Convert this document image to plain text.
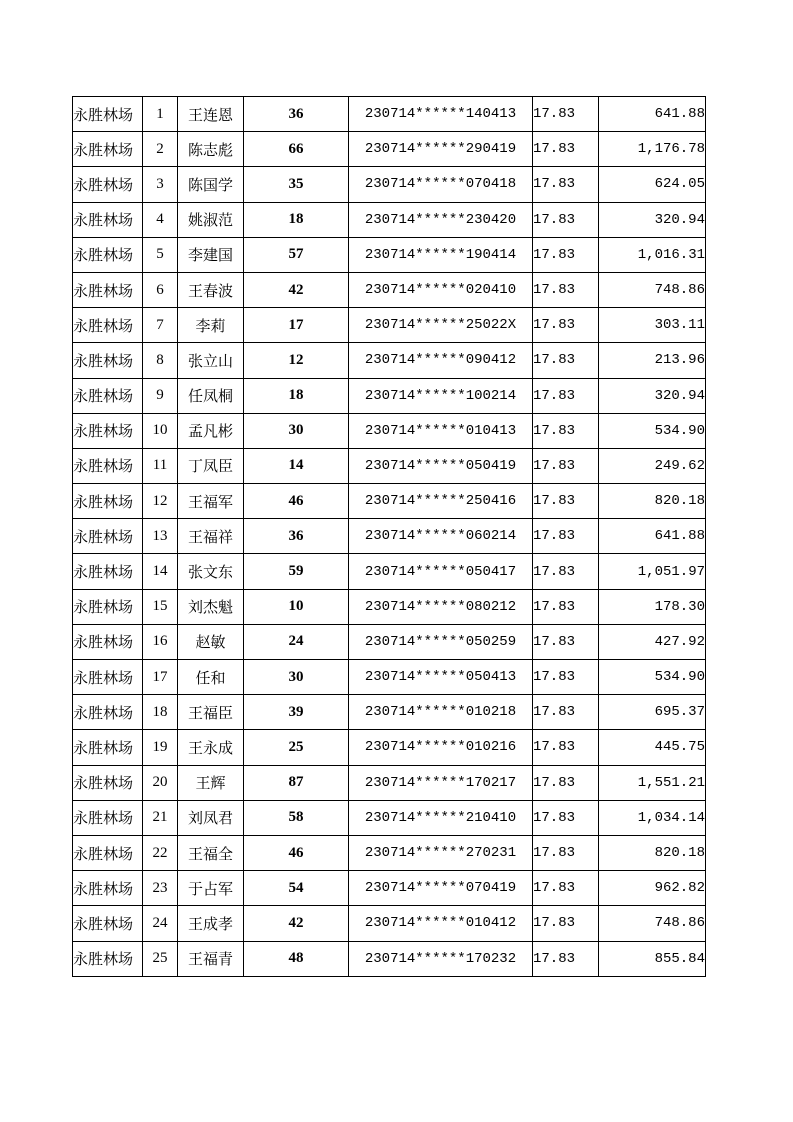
永胜林场	1	王连恩	36	230714******140413	17.83	641.88
永胜林场	2	陈志彪	66	230714******290419	17.83	1,176.78
永胜林场	3	陈国学	35	230714******070418	17.83	624.05
永胜林场	4	姚淑范	18	230714******230420	17.83	320.94
永胜林场	5	李建国	57	230714******190414	17.83	1,016.31
永胜林场	6	王春波	42	230714******020410	17.83	748.86
永胜林场	7	李莉	17	230714******25022X	17.83	303.11
永胜林场	8	张立山	12	230714******090412	17.83	213.96
永胜林场	9	任凤桐	18	230714******100214	17.83	320.94
永胜林场	10	孟凡彬	30	230714******010413	17.83	534.90
永胜林场	11	丁凤臣	14	230714******050419	17.83	249.62
永胜林场	12	王福军	46	230714******250416	17.83	820.18
永胜林场	13	王福祥	36	230714******060214	17.83	641.88
永胜林场	14	张文东	59	230714******050417	17.83	1,051.97
永胜林场	15	刘杰魁	10	230714******080212	17.83	178.30
永胜林场	16	赵敏	24	230714******050259	17.83	427.92
永胜林场	17	任和	30	230714******050413	17.83	534.90
永胜林场	18	王福臣	39	230714******010218	17.83	695.37
永胜林场	19	王永成	25	230714******010216	17.83	445.75
永胜林场	20	王辉	87	230714******170217	17.83	1,551.21
永胜林场	21	刘凤君	58	230714******210410	17.83	1,034.14
永胜林场	22	王福全	46	230714******270231	17.83	820.18
永胜林场	23	于占军	54	230714******070419	17.83	962.82
永胜林场	24	王成孝	42	230714******010412	17.83	748.86
永胜林场	25	王福青	48	230714******170232	17.83	855.84
